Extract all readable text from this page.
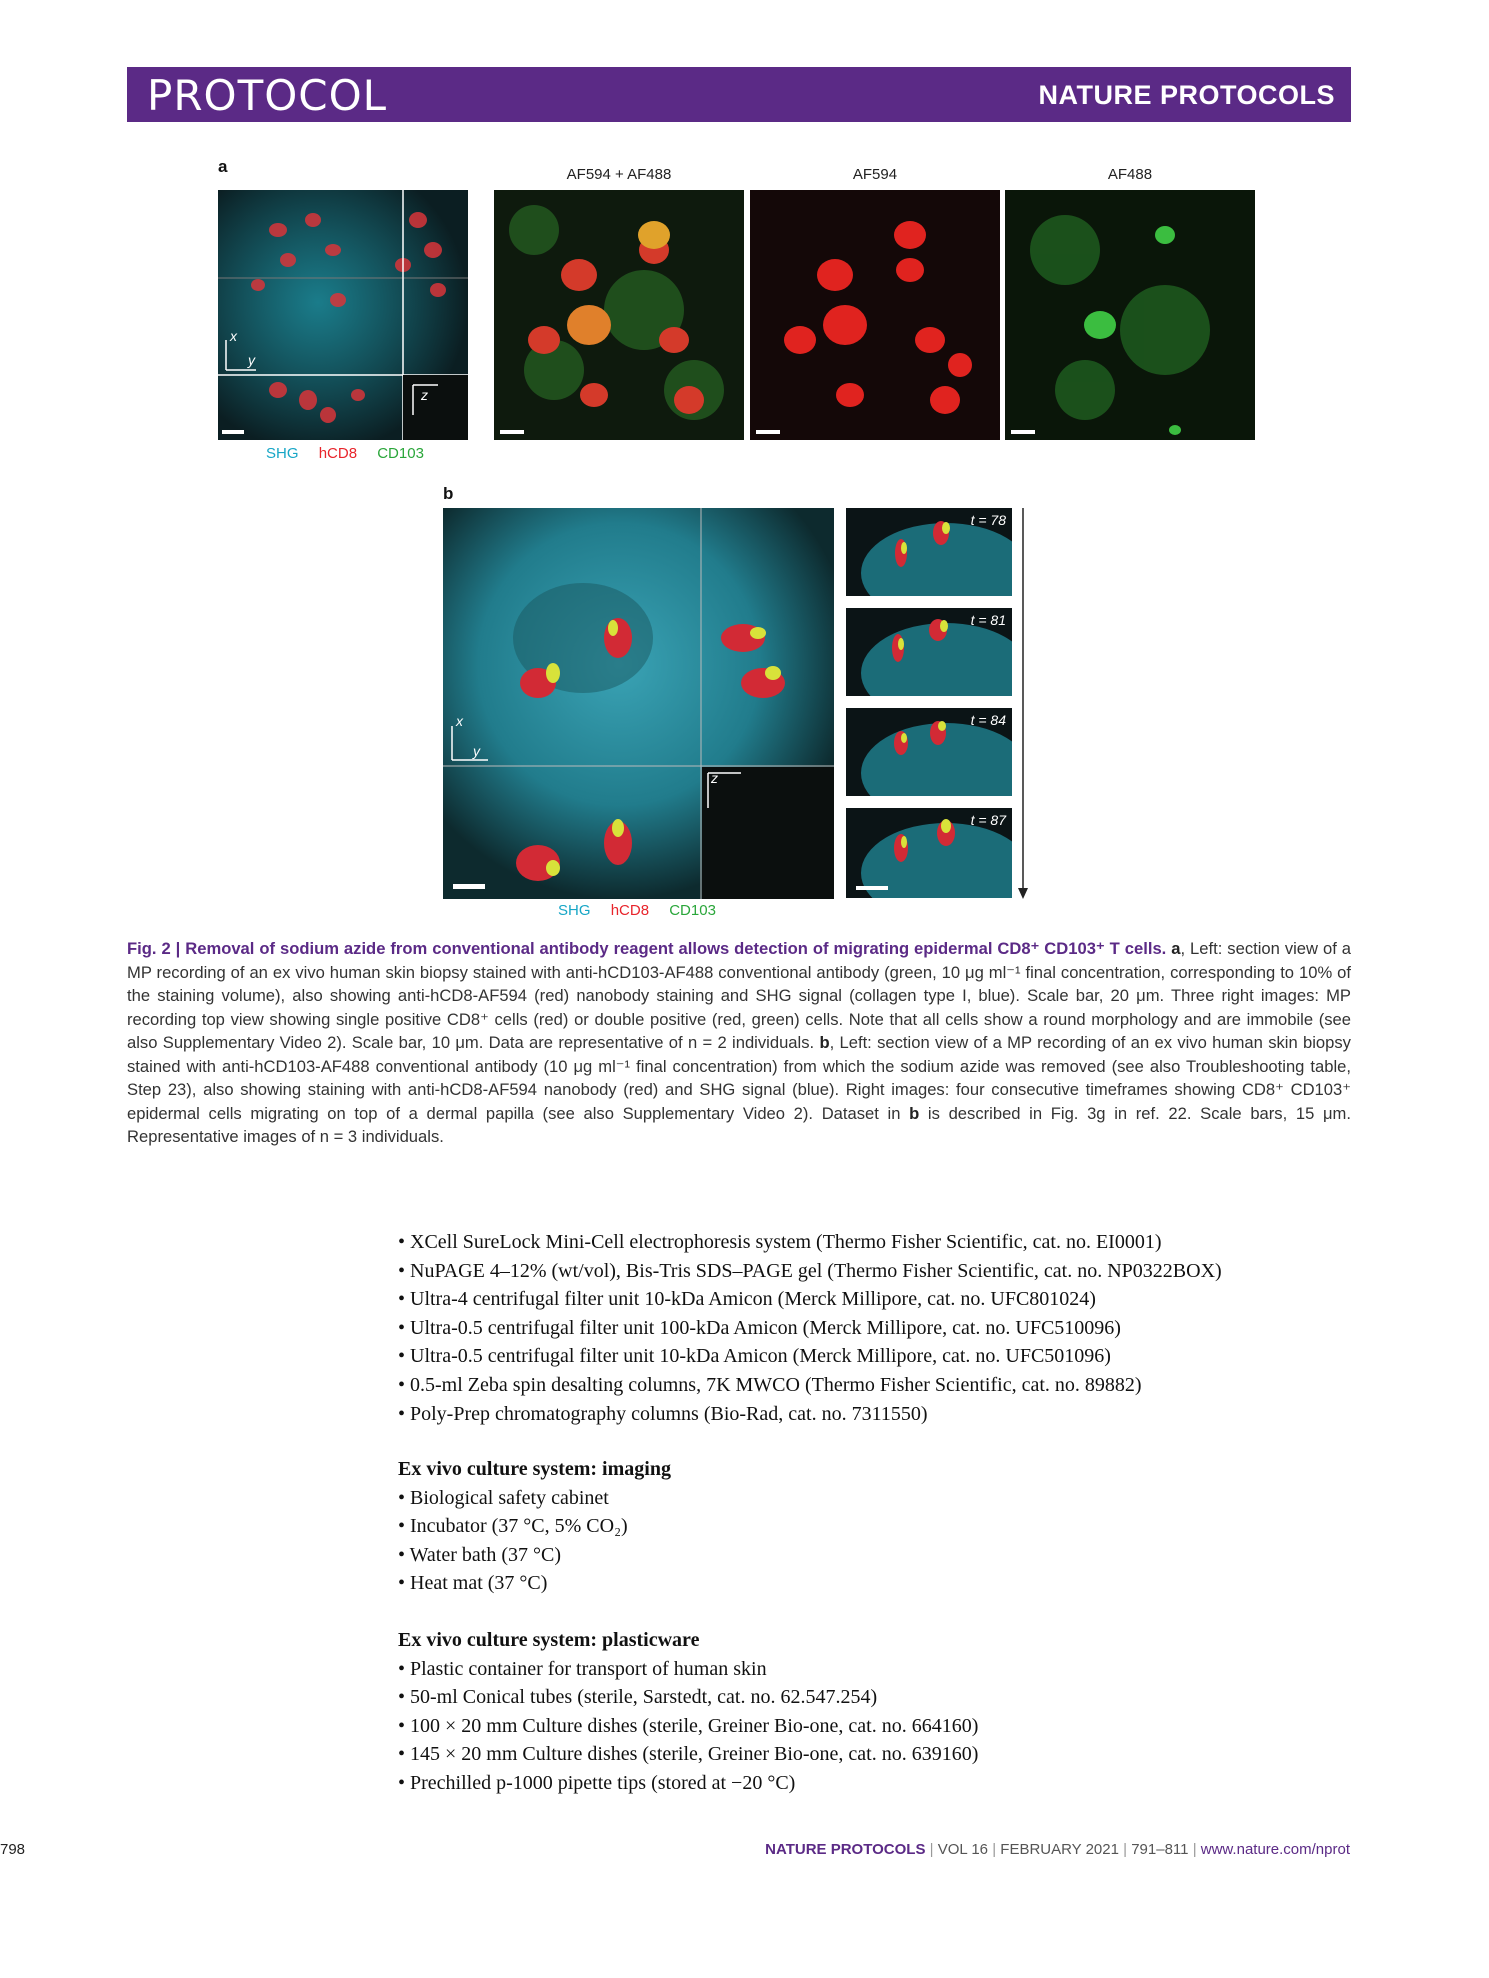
PROTOCOL	NATURE PROTOCOLS
a	AF594 + AF488	AF594	AF488
x
y
z
SHG hCD8 CD103
b
x
y
z
t = 78
t = 81
t = 84
t = 87
SHG hCD8 CD103
Fig. 2 | Removal of sodium azide from conventional antibody reagent allows detection of migrating epidermal CD8⁺ CD103⁺ T cells. a, Left: section view of a MP recording of an ex vivo human skin biopsy stained with anti-hCD103-AF488 conventional antibody (green, 10 μg ml⁻¹ final concentration, corresponding to 10% of the staining volume), also showing anti-hCD8-AF594 (red) nanobody staining and SHG signal (collagen type I, blue). Scale bar, 20 μm. Three right images: MP recording top view showing single positive CD8⁺ cells (red) or double positive (red, green) cells. Note that all cells show a round morphology and are immobile (see also Supplementary Video 2). Scale bar, 10 μm. Data are representative of n = 2 individuals. b, Left: section view of a MP recording of an ex vivo human skin biopsy stained with anti-hCD103-AF488 conventional antibody (10 μg ml⁻¹ final concentration) from which the sodium azide was removed (see also Troubleshooting table, Step 23), also showing staining with anti-hCD8-AF594 nanobody (red) and SHG signal (blue). Right images: four consecutive timeframes showing CD8⁺ CD103⁺ epidermal cells migrating on top of a dermal papilla (see also Supplementary Video 2). Dataset in b is described in Fig. 3g in ref. 22. Scale bars, 15 μm. Representative images of n = 3 individuals.
• XCell SureLock Mini-Cell electrophoresis system (Thermo Fisher Scientific, cat. no. EI0001)
• NuPAGE 4–12% (wt/vol), Bis-Tris SDS–PAGE gel (Thermo Fisher Scientific, cat. no. NP0322BOX)
• Ultra-4 centrifugal filter unit 10-kDa Amicon (Merck Millipore, cat. no. UFC801024)
• Ultra-0.5 centrifugal filter unit 100-kDa Amicon (Merck Millipore, cat. no. UFC510096)
• Ultra-0.5 centrifugal filter unit 10-kDa Amicon (Merck Millipore, cat. no. UFC501096)
• 0.5-ml Zeba spin desalting columns, 7K MWCO (Thermo Fisher Scientific, cat. no. 89882)
• Poly-Prep chromatography columns (Bio-Rad, cat. no. 7311550)
Ex vivo culture system: imaging
• Biological safety cabinet
• Incubator (37 °C, 5% CO₂)
• Water bath (37 °C)
• Heat mat (37 °C)
Ex vivo culture system: plasticware
• Plastic container for transport of human skin
• 50-ml Conical tubes (sterile, Sarstedt, cat. no. 62.547.254)
• 100 × 20 mm Culture dishes (sterile, Greiner Bio-one, cat. no. 664160)
• 145 × 20 mm Culture dishes (sterile, Greiner Bio-one, cat. no. 639160)
• Prechilled p-1000 pipette tips (stored at −20 °C)
798	NATURE PROTOCOLS | VOL 16 | FEBRUARY 2021 | 791–811 | www.nature.com/nprot
